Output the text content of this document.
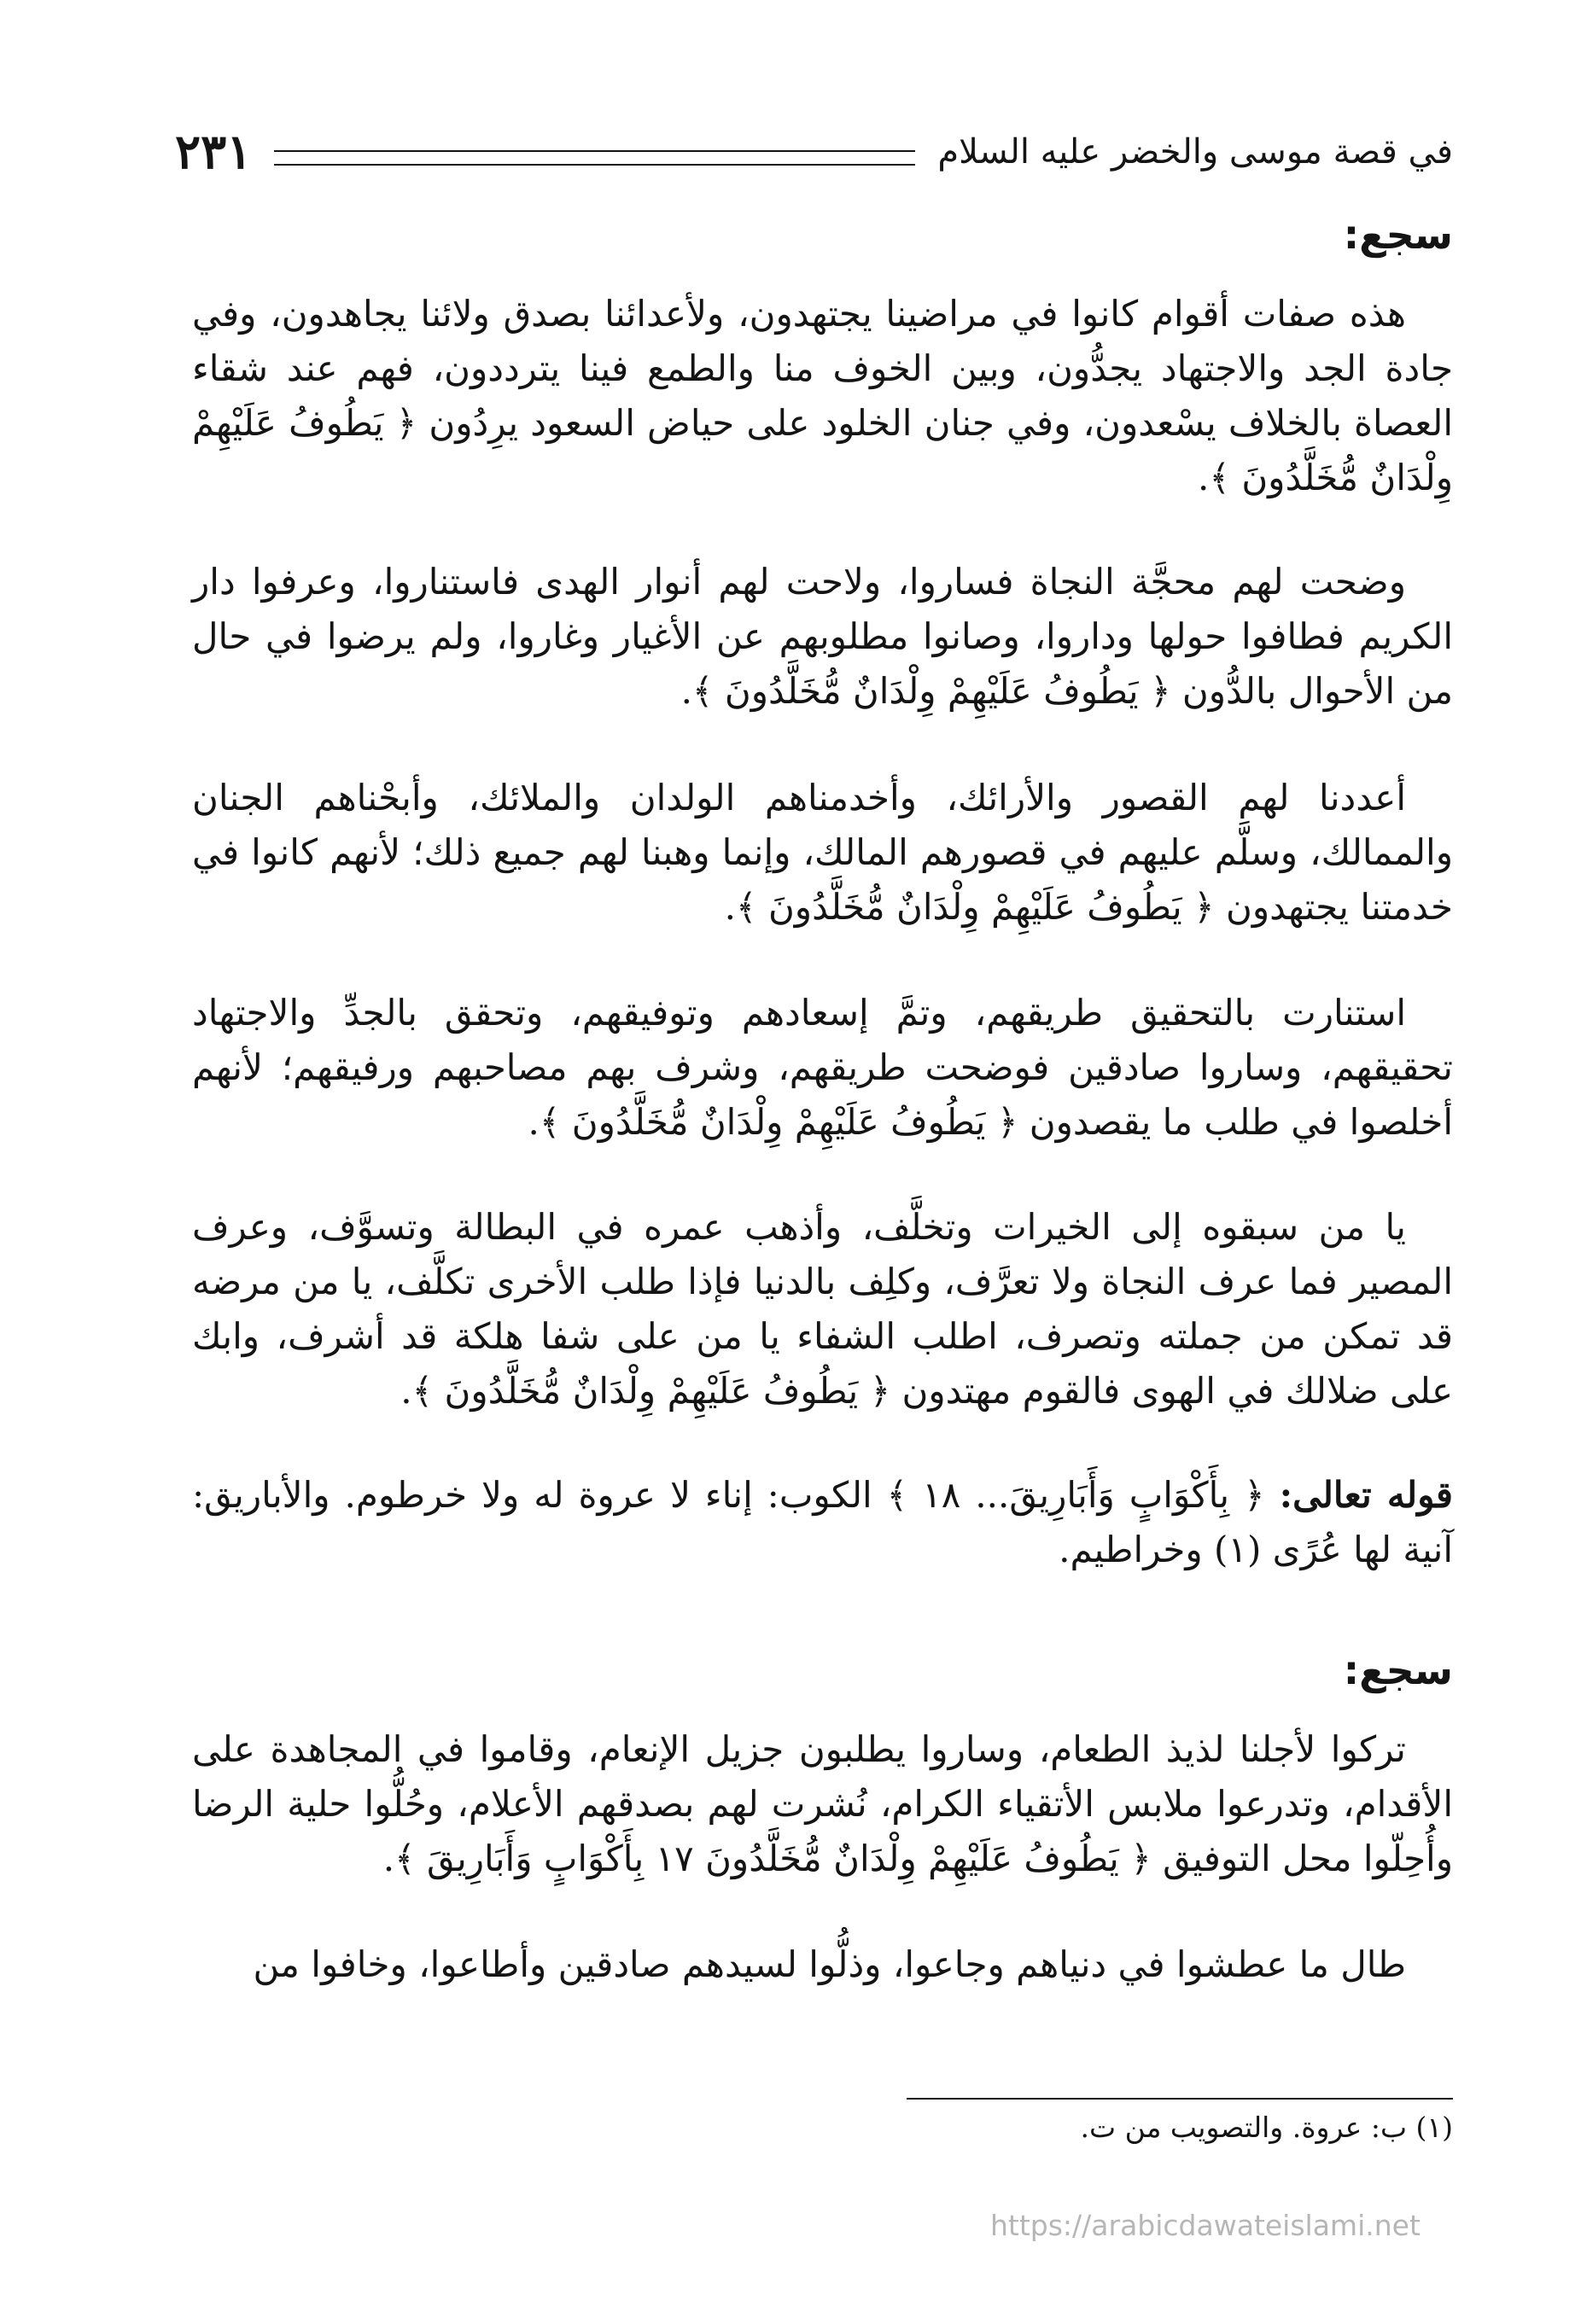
في قصة موسى والخضر عليه السلام
٢٣١
سجع:

هذه صفات أقوام كانوا في مراضينا يجتهدون، ولأعدائنا بصدق ولائنا يجاهدون، وفي جادة الجد والاجتهاد يجدُّون، وبين الخوف منا والطمع فينا يترددون، فهم عند شقاء العصاة بالخلاف يسْعدون، وفي جنان الخلود على حياض السعود يرِدُون ﴿ يَطُوفُ عَلَيْهِمْ وِلْدَانٌ مُّخَلَّدُونَ ﴾.

وضحت لهم محجَّة النجاة فساروا، ولاحت لهم أنوار الهدى فاستناروا، وعرفوا دار الكريم فطافوا حولها وداروا، وصانوا مطلوبهم عن الأغيار وغاروا، ولم يرضوا في حال من الأحوال بالدُّون ﴿ يَطُوفُ عَلَيْهِمْ وِلْدَانٌ مُّخَلَّدُونَ ﴾.

أعددنا لهم القصور والأرائك، وأخدمناهم الولدان والملائك، وأبحْناهم الجنان والممالك، وسلَّم عليهم في قصورهم المالك، وإنما وهبنا لهم جميع ذلك؛ لأنهم كانوا في خدمتنا يجتهدون ﴿ يَطُوفُ عَلَيْهِمْ وِلْدَانٌ مُّخَلَّدُونَ ﴾.

استنارت بالتحقيق طريقهم، وتمَّ إسعادهم وتوفيقهم، وتحقق بالجدِّ والاجتهاد تحقيقهم، وساروا صادقين فوضحت طريقهم، وشرف بهم مصاحبهم ورفيقهم؛ لأنهم أخلصوا في طلب ما يقصدون ﴿ يَطُوفُ عَلَيْهِمْ وِلْدَانٌ مُّخَلَّدُونَ ﴾.

يا من سبقوه إلى الخيرات وتخلَّف، وأذهب عمره في البطالة وتسوَّف، وعرف المصير فما عرف النجاة ولا تعرَّف، وكلِف بالدنيا فإذا طلب الأخرى تكلَّف، يا من مرضه قد تمكن من جملته وتصرف، اطلب الشفاء يا من على شفا هلكة قد أشرف، وابك على ضلالك في الهوى فالقوم مهتدون ﴿ يَطُوفُ عَلَيْهِمْ وِلْدَانٌ مُّخَلَّدُونَ ﴾.

قوله تعالى: ﴿ بِأَكْوَابٍ وَأَبَارِيقَ... ١٨ ﴾ الكوب: إناء لا عروة له ولا خرطوم. والأباريق: آنية لها عُرًى (١) وخراطيم.

سجع:

تركوا لأجلنا لذيذ الطعام، وساروا يطلبون جزيل الإنعام، وقاموا في المجاهدة على الأقدام، وتدرعوا ملابس الأتقياء الكرام، نُشرت لهم بصدقهم الأعلام، وحُلُّوا حلية الرضا وأُحِلّوا محل التوفيق ﴿ يَطُوفُ عَلَيْهِمْ وِلْدَانٌ مُّخَلَّدُونَ ١٧ بِأَكْوَابٍ وَأَبَارِيقَ ﴾.

طال ما عطشوا في دنياهم وجاعوا، وذلُّوا لسيدهم صادقين وأطاعوا، وخافوا من

(١) ب: عروة. والتصويب من ت.
https://arabicdawateislami.net
